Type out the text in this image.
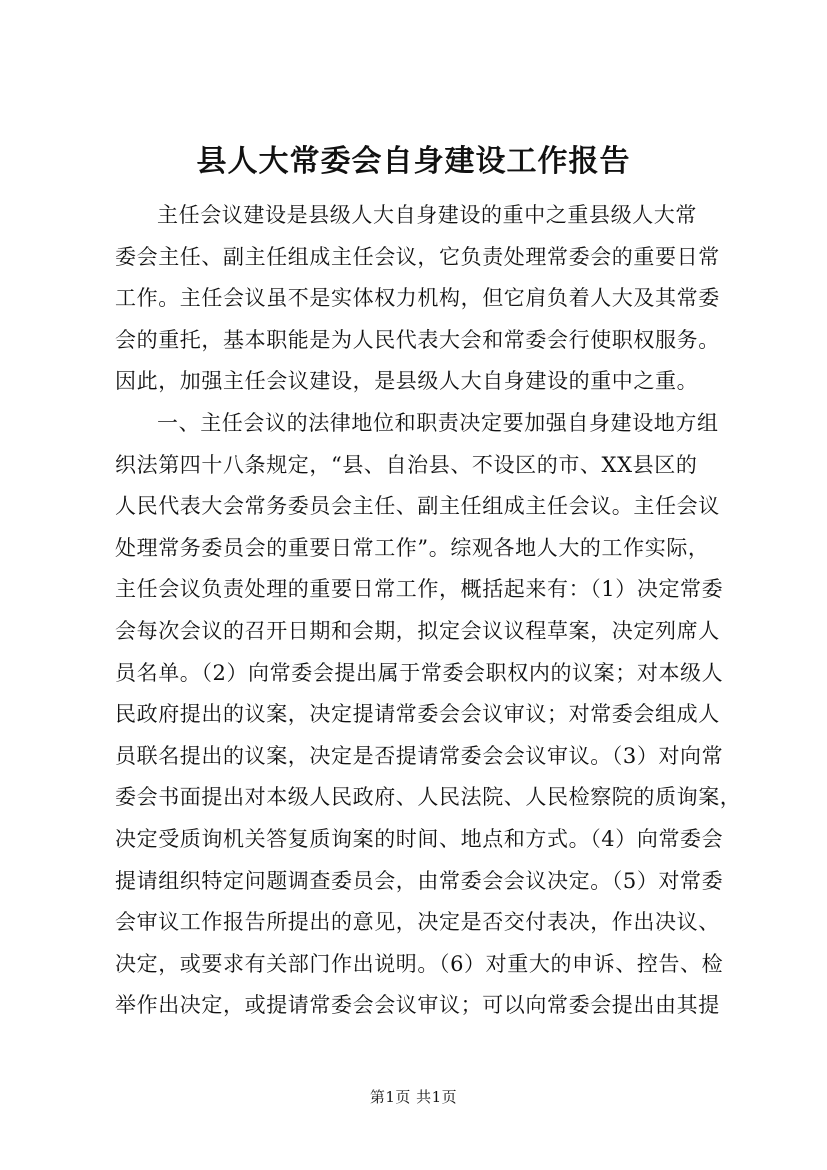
县人大常委会自身建设工作报告
主任会议建设是县级人大自身建设的重中之重县级人大常
委会主任、副主任组成主任会议，它负责处理常委会的重要日常
工作。主任会议虽不是实体权力机构，但它肩负着人大及其常委
会的重托，基本职能是为人民代表大会和常委会行使职权服务。
因此，加强主任会议建设，是县级人大自身建设的重中之重。
一、主任会议的法律地位和职责决定要加强自身建设地方组
织法第四十八条规定，“县、自治县、不设区的市、XX县区的
人民代表大会常务委员会主任、副主任组成主任会议。主任会议
处理常务委员会的重要日常工作”。综观各地人大的工作实际，
主任会议负责处理的重要日常工作，概括起来有：（1）决定常委
会每次会议的召开日期和会期，拟定会议议程草案，决定列席人
员名单。（2）向常委会提出属于常委会职权内的议案；对本级人
民政府提出的议案，决定提请常委会会议审议；对常委会组成人
员联名提出的议案，决定是否提请常委会会议审议。（3）对向常
委会书面提出对本级人民政府、人民法院、人民检察院的质询案，
决定受质询机关答复质询案的时间、地点和方式。（4）向常委会
提请组织特定问题调查委员会，由常委会会议决定。（5）对常委
会审议工作报告所提出的意见，决定是否交付表决，作出决议、
决定，或要求有关部门作出说明。（6）对重大的申诉、控告、检
举作出决定，或提请常委会会议审议；可以向常委会提出由其提
第1页 共1页
